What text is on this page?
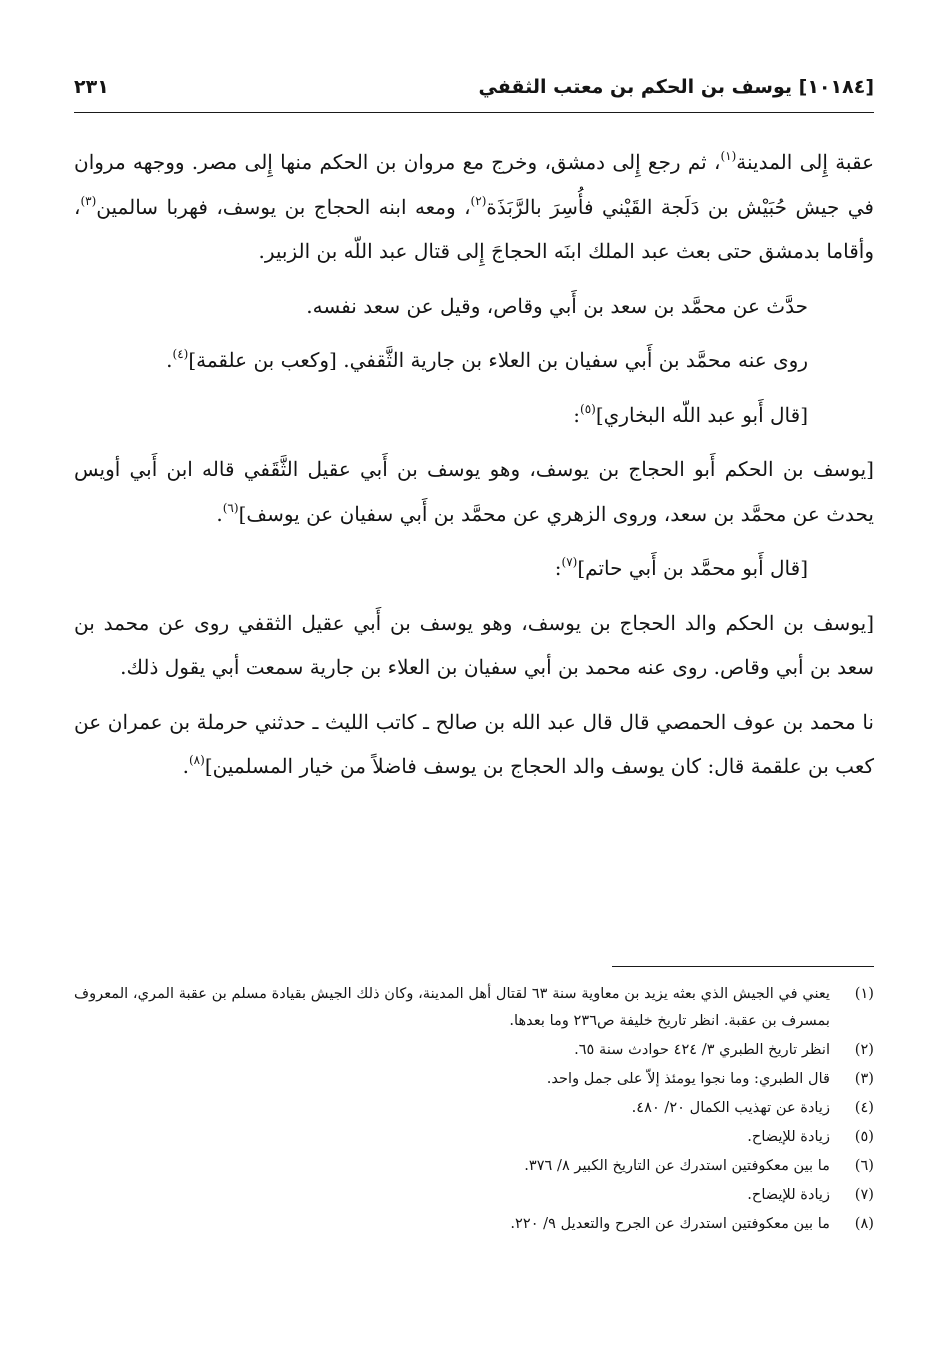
[١٠١٨٤] يوسف بن الحكم بن معتب الثقفي
٢٣١

عقبة إِلى المدينة$^{(١)}$، ثم رجع إِلى دمشق، وخرج مع مروان بن الحكم منها إِلى مصر. ووجهه مروان في جيش حُبَيْش بن دَلَجة القَيْني فأُسِرَ بالرَّبَذَة$^{(٢)}$، ومعه ابنه الحجاج بن يوسف، فهربا سالمين$^{(٣)}$، وأقاما بدمشق حتى بعث عبد الملك ابنَه الحجاجَ إِلى قتال عبد اللّه بن الزبير.

حدَّث عن محمَّد بن سعد بن أَبي وقاص، وقيل عن سعد نفسه.

روى عنه محمَّد بن أَبي سفيان بن العلاء بن جارية الثَّقفي. [وكعب بن علقمة]$^{(٤)}$.

[قال أَبو عبد اللّه البخاري]$^{(٥)}$:

[يوسف بن الحكم أَبو الحجاج بن يوسف، وهو يوسف بن أَبي عقيل الثَّقَفي قاله ابن أَبي أويس يحدث عن محمَّد بن سعد، وروى الزهري عن محمَّد بن أَبي سفيان عن يوسف]$^{(٦)}$.

[قال أَبو محمَّد بن أَبي حاتم]$^{(٧)}$:

[يوسف بن الحكم والد الحجاج بن يوسف، وهو يوسف بن أَبي عقيل الثقفي روى عن محمد بن سعد بن أبي وقاص. روى عنه محمد بن أبي سفيان بن العلاء بن جارية سمعت أبي يقول ذلك.

نا محمد بن عوف الحمصي قال قال عبد الله بن صالح ـ كاتب الليث ـ حدثني حرملة بن عمران عن كعب بن علقمة قال: كان يوسف والد الحجاج بن يوسف فاضلاً من خيار المسلمين]$^{(٨)}$.

(١)
يعني في الجيش الذي بعثه يزيد بن معاوية سنة ٦٣ لقتال أهل المدينة، وكان ذلك الجيش بقيادة مسلم بن عقبة المري، المعروف بمسرف بن عقبة. انظر تاريخ خليفة ص٢٣٦ وما بعدها.
(٢)
انظر تاريخ الطبري ٣/ ٤٢٤ حوادث سنة ٦٥.
(٣)
قال الطبري: وما نجوا يومئذ إلاّ على جمل واحد.
(٤)
زيادة عن تهذيب الكمال ٢٠/ ٤٨٠.
(٥)
زيادة للإيضاح.
(٦)
ما بين معكوفتين استدرك عن التاريخ الكبير ٨/ ٣٧٦.
(٧)
زيادة للإيضاح.
(٨)
ما بين معكوفتين استدرك عن الجرح والتعديل ٩/ ٢٢٠.
